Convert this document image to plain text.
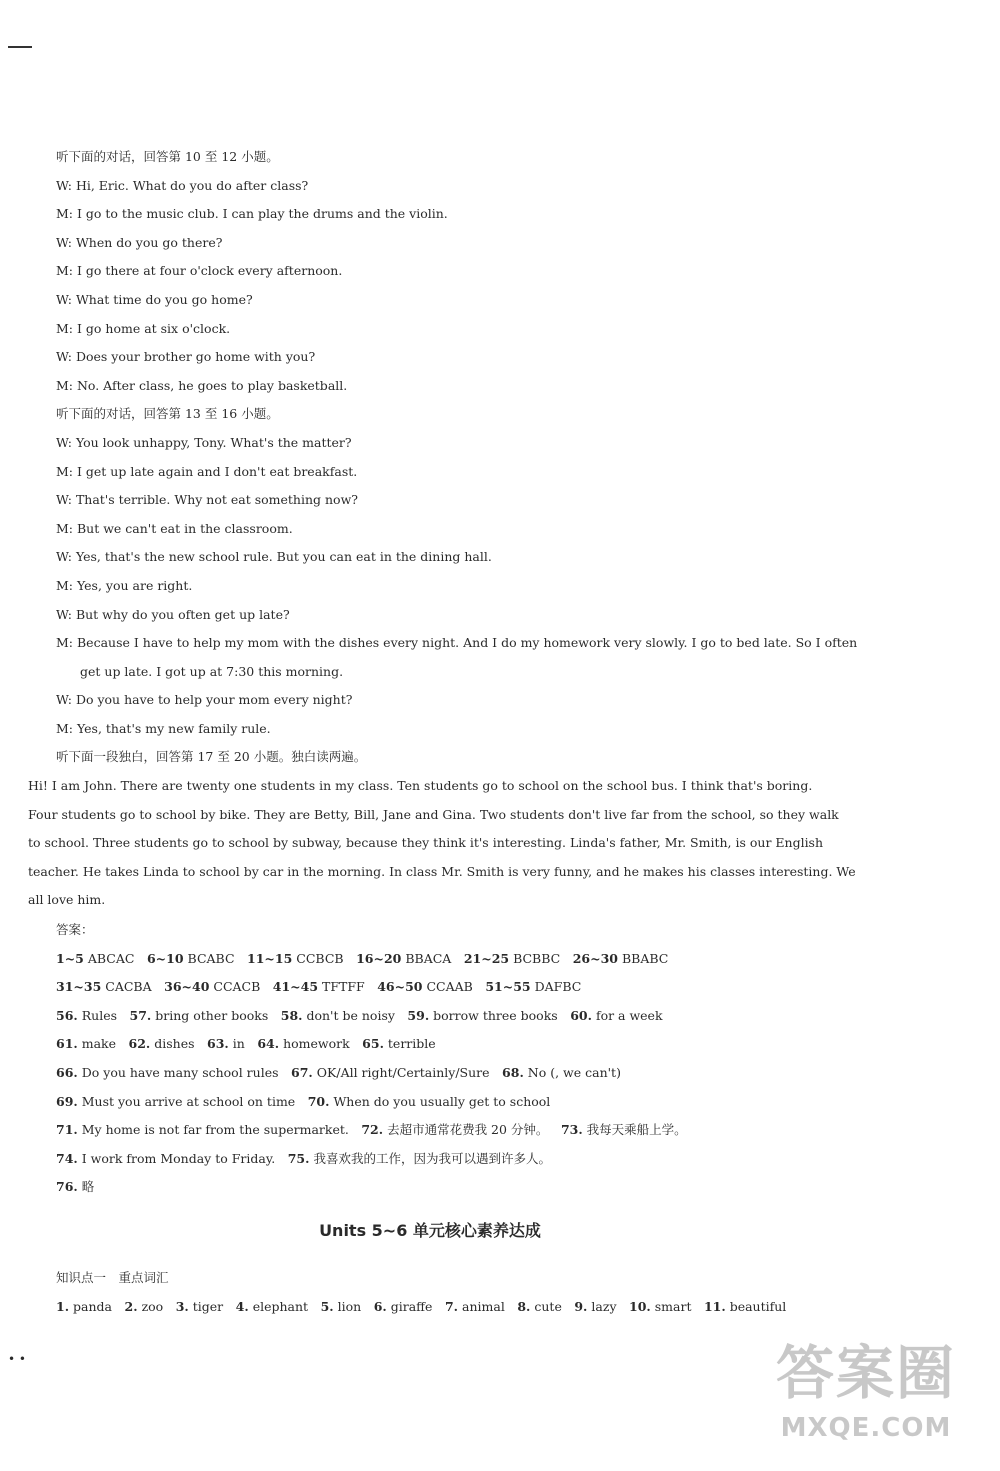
听下面的对话，回答第 10 至 12 小题。
W: Hi, Eric. What do you do after class?
M: I go to the music club. I can play the drums and the violin.
W: When do you go there?
M: I go there at four o'clock every afternoon.
W: What time do you go home?
M: I go home at six o'clock.
W: Does your brother go home with you?
M: No. After class, he goes to play basketball.
听下面的对话，回答第 13 至 16 小题。
W: You look unhappy, Tony. What's the matter?
M: I get up late again and I don't eat breakfast.
W: That's terrible. Why not eat something now?
M: But we can't eat in the classroom.
W: Yes, that's the new school rule. But you can eat in the dining hall.
M: Yes, you are right.
W: But why do you often get up late?
M: Because I have to help my mom with the dishes every night. And I do my homework very slowly. I go to bed late. So I often
get up late. I got up at 7:30 this morning.
W: Do you have to help your mom every night?
M: Yes, that's my new family rule.
听下面一段独白，回答第 17 至 20 小题。独白读两遍。
Hi! I am John. There are twenty one students in my class. Ten students go to school on the school bus. I think that's boring.
Four students go to school by bike. They are Betty, Bill, Jane and Gina. Two students don't live far from the school, so they walk
to school. Three students go to school by subway, because they think it's interesting. Linda's father, Mr. Smith, is our English
teacher. He takes Linda to school by car in the morning. In class Mr. Smith is very funny, and he makes his classes interesting. We
all love him.
答案：
1~5 ABCAC  6~10 BCABC  11~15 CCBCB  16~20 BBACA  21~25 BCBBC  26~30 BBABC 
31~35 CACBA  36~40 CCACB  41~45 TFTFF  46~50 CCAAB  51~55 DAFBC 
56. Rules  57. bring other books  58. don't be noisy  59. borrow three books  60. for a week 
61. make  62. dishes  63. in  64. homework  65. terrible 
66. Do you have many school rules  67. OK/All right/Certainly/Sure  68. No (, we can't) 
69. Must you arrive at school on time  70. When do you usually get to school 
71. My home is not far from the supermarket.  72. 去超市通常花费我 20 分钟。  73. 我每天乘船上学。 
74. I work from Monday to Friday.  75. 我喜欢我的工作，因为我可以遇到许多人。 
76. 略 
Units 5~6 单元核心素养达成
知识点一　重点词汇
1. panda   2. zoo   3. tiger   4. elephant   5. lion   6. giraffe   7. animal   8. cute   9. lazy   10. smart   11. beautiful  
• •	答案圈
MXQE.COM
